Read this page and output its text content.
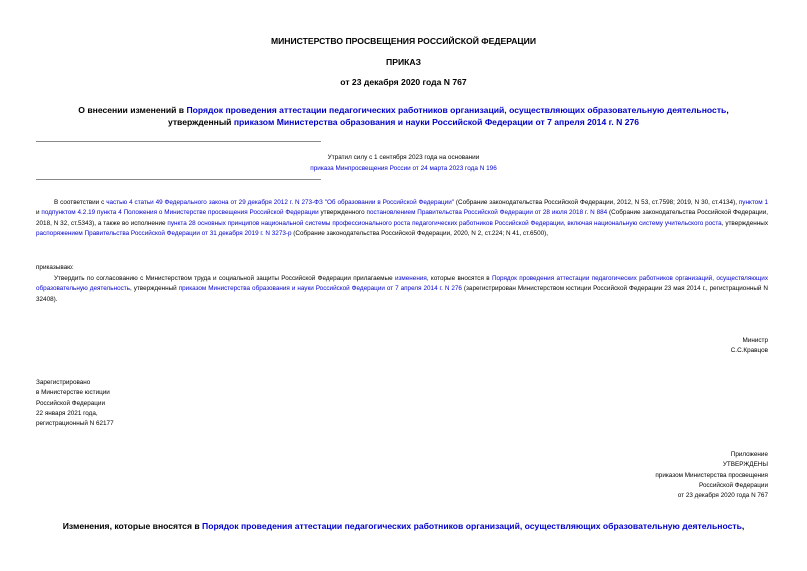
МИНИСТЕРСТВО ПРОСВЕЩЕНИЯ РОССИЙСКОЙ ФЕДЕРАЦИИ
ПРИКАЗ
от 23 декабря 2020 года N 767
О внесении изменений в Порядок проведения аттестации педагогических работников организаций, осуществляющих образовательную деятельность,
утвержденный приказом Министерства образования и науки Российской Федерации от 7 апреля 2014 г. N 276
Утратил силу с 1 сентября 2023 года на основании
приказа Минпросвещения России от 24 марта 2023 года N 196
В соответствии с частью 4 статьи 49 Федерального закона от 29 декабря 2012 г. N 273-ФЗ "Об образовании в Российской Федерации" (Собрание законодательства Российской Федерации, 2012, N 53, ст.7598; 2019, N 30, ст.4134), пунктом 1 и подпунктом 4.2.19 пункта 4 Положения о Министерстве просвещения Российской Федерации утвержденного постановлением Правительства Российской Федерации от 28 июля 2018 г. N 884 (Собрание законодательства Российской Федерации, 2018, N 32, ст.5343), а также во исполнение пункта 28 основных принципов национальной системы профессионального роста педагогических работников Российской Федерации, включая национальную систему учительского роста, утвержденных распоряжением Правительства Российской Федерации от 31 декабря 2019 г. N 3273-р (Собрание законодательства Российской Федерации, 2020, N 2, ст.224; N 41, ст.6500),
приказываю:
Утвердить по согласованию с Министерством труда и социальной защиты Российской Федерации прилагаемые изменения, которые вносятся в Порядок проведения аттестации педагогических работников организаций, осуществляющих образовательную деятельность, утвержденный приказом Министерства образования и науки Российской Федерации от 7 апреля 2014 г. N 276 (зарегистрирован Министерством юстиции Российской Федерации 23 мая 2014 г., регистрационный N 32408).
Министр
С.С.Кравцов
Зарегистрировано
в Министерстве юстиции
Российской Федерации
22 января 2021 года,
регистрационный N 62177
Приложение
УТВЕРЖДЕНЫ
приказом Министерства просвещения
Российской Федерации
от 23 декабря 2020 года N 767
Изменения, которые вносятся в Порядок проведения аттестации педагогических работников организаций, осуществляющих образовательную деятельность,
